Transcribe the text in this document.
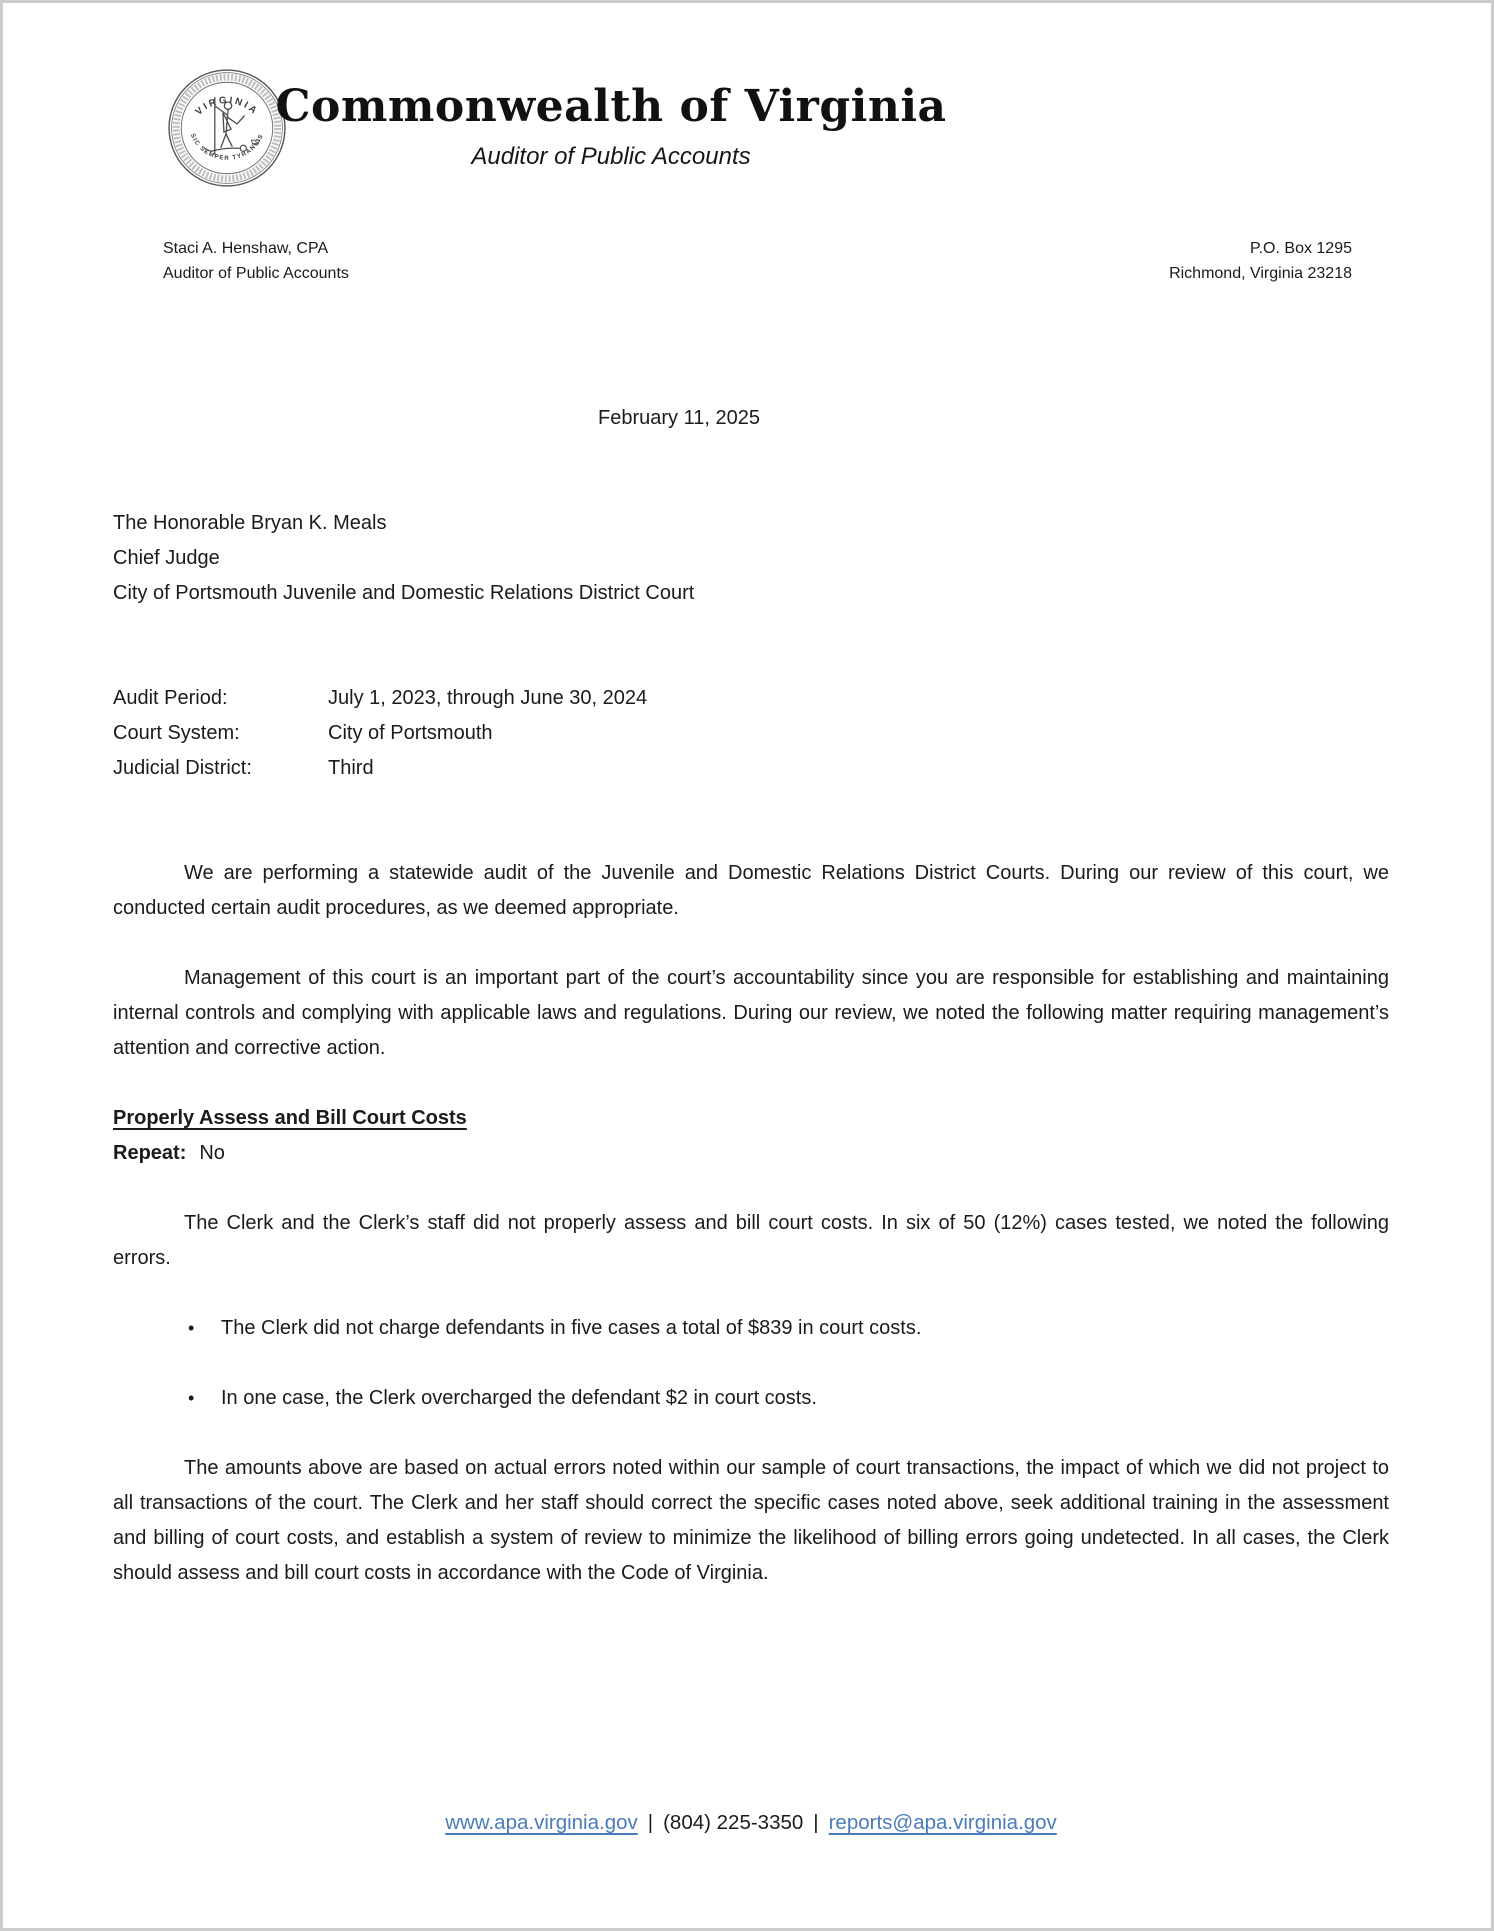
VIRGINIA
SIC SEMPER TYRANNIS
Commonwealth of Virginia
Auditor of Public Accounts
Staci A. Henshaw, CPA
Auditor of Public Accounts
P.O. Box 1295
Richmond, Virginia 23218
February 11, 2025
The Honorable Bryan K. Meals
Chief Judge
City of Portsmouth Juvenile and Domestic Relations District Court
Audit Period:	July 1, 2023, through June 30, 2024
Court System:	City of Portsmouth
Judicial District:	Third

We are performing a statewide audit of the Juvenile and Domestic Relations District Courts. During our review of this court, we conducted certain audit procedures, as we deemed appropriate.

Management of this court is an important part of the court’s accountability since you are responsible for establishing and maintaining internal controls and complying with applicable laws and regulations. During our review, we noted the following matter requiring management’s attention and corrective action.

Properly Assess and Bill Court Costs
Repeat: No

The Clerk and the Clerk’s staff did not properly assess and bill court costs. In six of 50 (12%) cases tested, we noted the following errors.

•	The Clerk did not charge defendants in five cases a total of $839 in court costs.
•	In one case, the Clerk overcharged the defendant $2 in court costs.

The amounts above are based on actual errors noted within our sample of court transactions, the impact of which we did not project to all transactions of the court. The Clerk and her staff should correct the specific cases noted above, seek additional training in the assessment and billing of court costs, and establish a system of review to minimize the likelihood of billing errors going undetected. In all cases, the Clerk should assess and bill court costs in accordance with the Code of Virginia.

www.apa.virginia.gov | (804) 225-3350 | reports@apa.virginia.gov
